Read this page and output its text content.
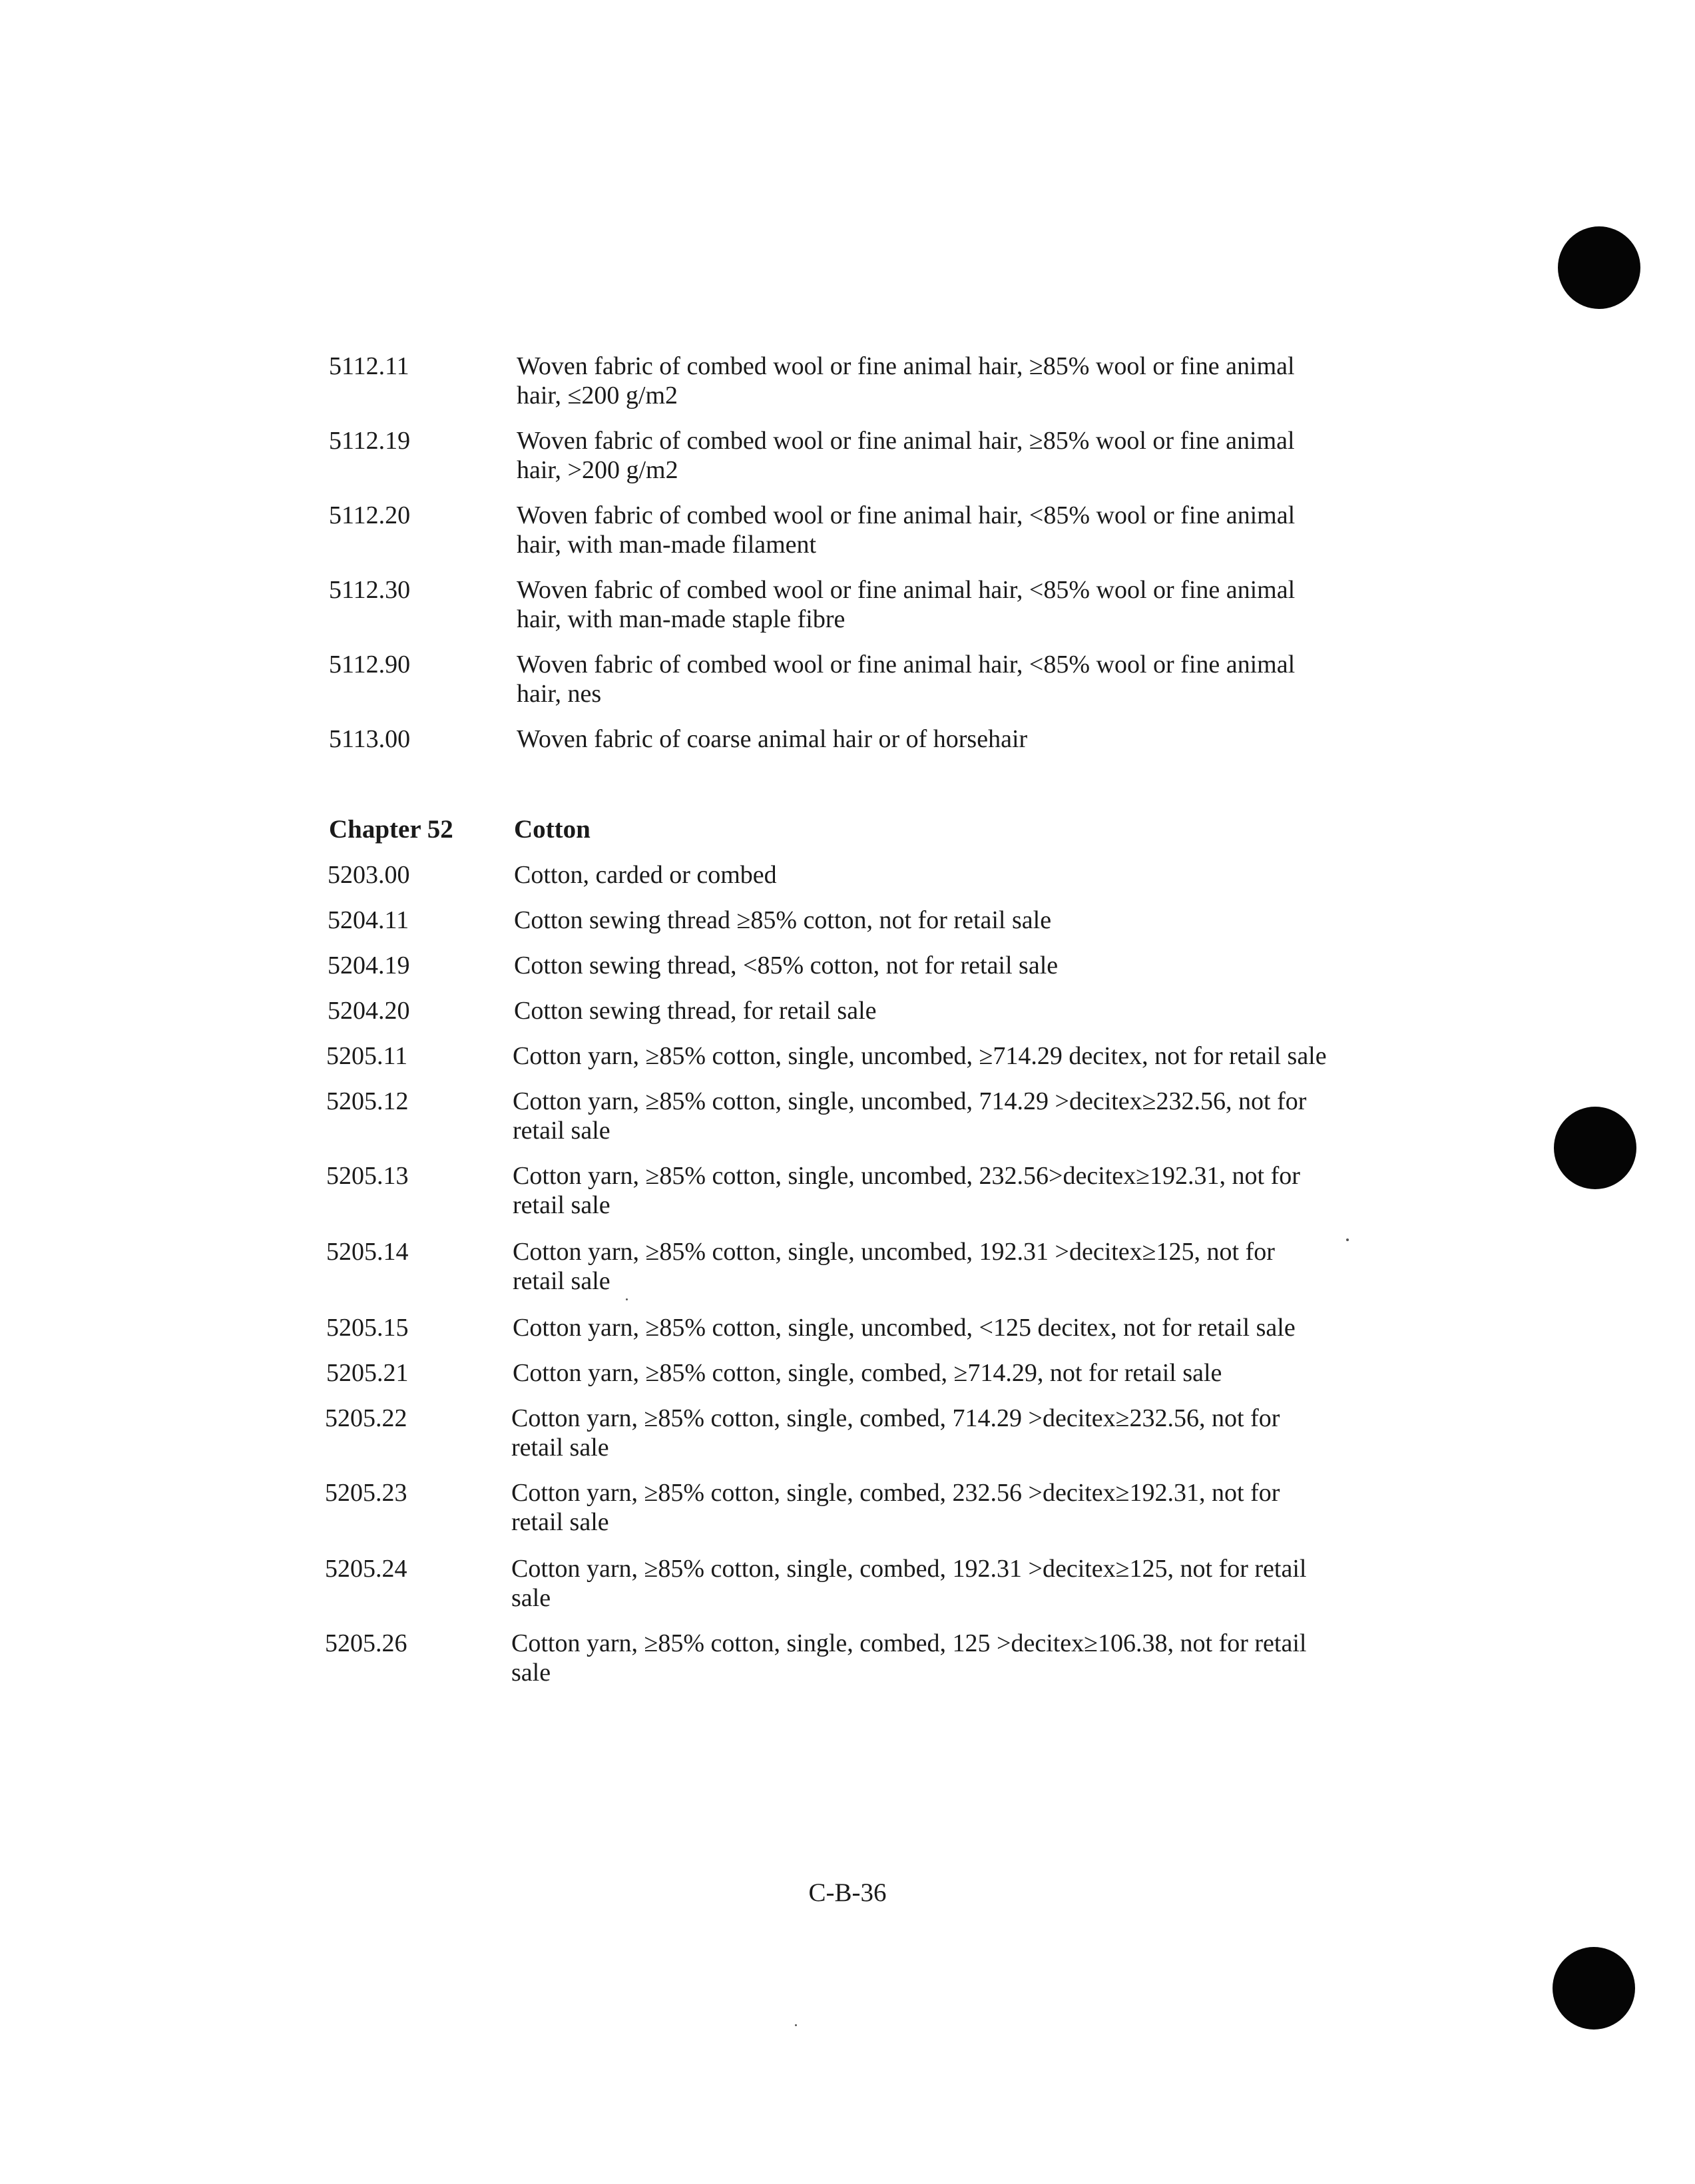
5112.11	Woven fabric of combed wool or fine animal hair, ≥85% wool or fine animal hair, ≤200 g/m2
5112.19	Woven fabric of combed wool or fine animal hair, ≥85% wool or fine animal hair, >200 g/m2
5112.20	Woven fabric of combed wool or fine animal hair, <85% wool or fine animal hair, with man-made filament
5112.30	Woven fabric of combed wool or fine animal hair, <85% wool or fine animal hair, with man-made staple fibre
5112.90	Woven fabric of combed wool or fine animal hair, <85% wool or fine animal hair, nes
5113.00	Woven fabric of coarse animal hair or of horsehair
Chapter 52 Cotton
5203.00	Cotton, carded or combed
5204.11	Cotton sewing thread ≥85% cotton, not for retail sale
5204.19	Cotton sewing thread, <85% cotton, not for retail sale
5204.20	Cotton sewing thread, for retail sale
5205.11	Cotton yarn, ≥85% cotton, single, uncombed, ≥714.29 decitex, not for retail sale
5205.12	Cotton yarn, ≥85% cotton, single, uncombed, 714.29 >decitex≥232.56, not for retail sale
5205.13	Cotton yarn, ≥85% cotton, single, uncombed, 232.56>decitex≥192.31, not for retail sale
5205.14	Cotton yarn, ≥85% cotton, single, uncombed, 192.31 >decitex≥125, not for retail sale
5205.15	Cotton yarn, ≥85% cotton, single, uncombed, <125 decitex, not for retail sale
5205.21	Cotton yarn, ≥85% cotton, single, combed, ≥714.29, not for retail sale
5205.22	Cotton yarn, ≥85% cotton, single, combed, 714.29 >decitex≥232.56, not for retail sale
5205.23	Cotton yarn, ≥85% cotton, single, combed, 232.56 >decitex≥192.31, not for retail sale
5205.24	Cotton yarn, ≥85% cotton, single, combed, 192.31 >decitex≥125, not for retail sale
5205.26	Cotton yarn, ≥85% cotton, single, combed, 125 >decitex≥106.38, not for retail sale
C-B-36
